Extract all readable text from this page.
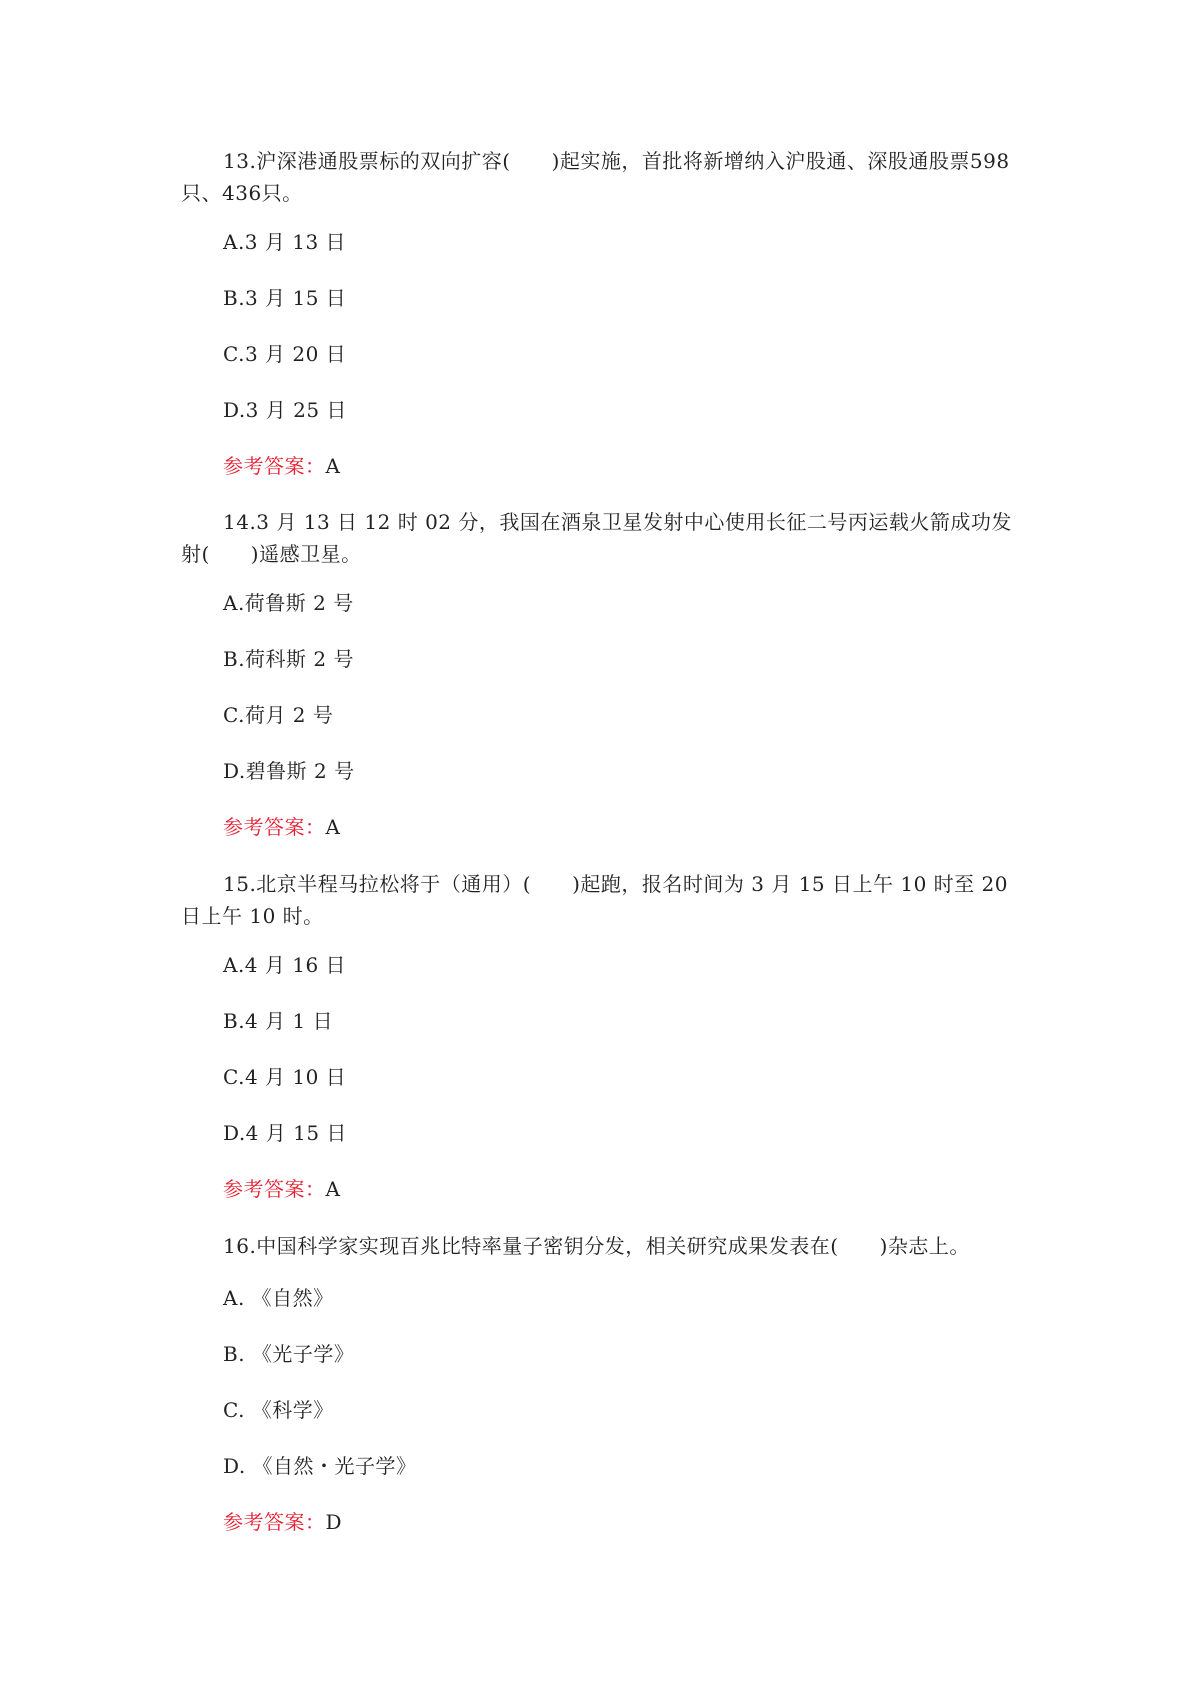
13.沪深港通股票标的双向扩容(　　)起实施，首批将新增纳入沪股通、深股通股票598只、436只。

A.3 月 13 日

B.3 月 15 日

C.3 月 20 日

D.3 月 25 日

参考答案：A

14.3 月 13 日 12 时 02 分，我国在酒泉卫星发射中心使用长征二号丙运载火箭成功发射(　　)遥感卫星。

A.荷鲁斯 2 号

B.荷科斯 2 号

C.荷月 2 号

D.碧鲁斯 2 号

参考答案：A

15.北京半程马拉松将于（通用）(　　)起跑，报名时间为 3 月 15 日上午 10 时至 20 日上午 10 时。

A.4 月 16 日

B.4 月 1 日

C.4 月 10 日

D.4 月 15 日

参考答案：A

16.中国科学家实现百兆比特率量子密钥分发，相关研究成果发表在(　　)杂志上。

A. 《自然》

B. 《光子学》

C. 《科学》

D. 《自然・光子学》

参考答案：D
